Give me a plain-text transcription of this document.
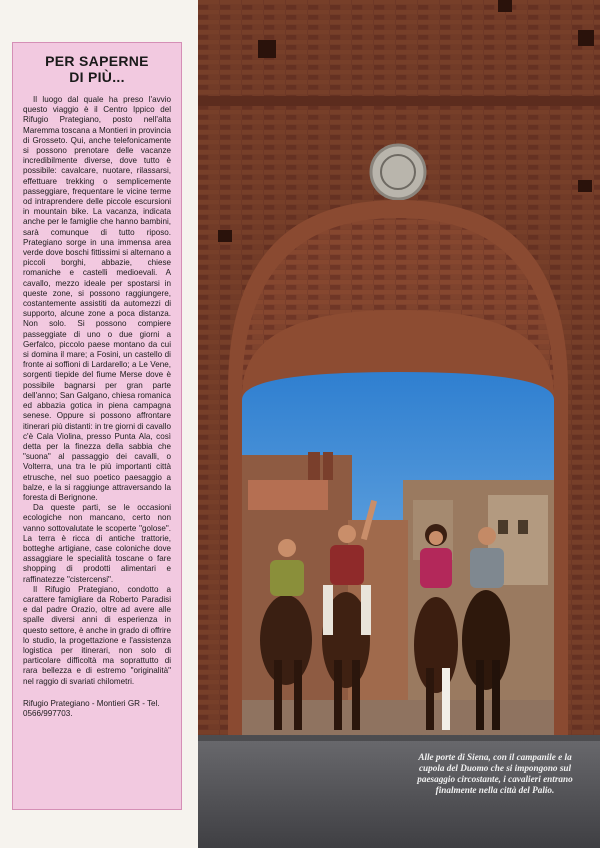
PER SAPERNE
DI PIÙ...

Il luogo dal quale ha preso l'avvio questo viaggio è il Centro Ippico del Rifugio Prategiano, posto nell'alta Maremma toscana a Montieri in provincia di Grosseto. Qui, anche telefonicamente si possono prenotare delle vacanze incredibilmente diverse, dove tutto è possibile: cavalcare, nuotare, rilassarsi, effettuare trekking o semplicemente passeggiare, frequentare le vicine terme od intraprendere delle piccole escursioni in mountain bike. La vacanza, indicata anche per le famiglie che hanno bambini, sarà comunque di tutto riposo. Prategiano sorge in una immensa area verde dove boschi fittissimi si alternano a piccoli borghi, abbazie, chiese romaniche e castelli medioevali. A cavallo, mezzo ideale per spostarsi in queste zone, si possono raggiungere, costantemente assistiti da automezzi di supporto, alcune zone a poca distanza. Non solo. Si possono compiere passeggiate di uno o due giorni a Gerfalco, piccolo paese montano da cui si domina il mare; a Fosini, un castello di fronte ai soffioni di Lardarello; a Le Vene, sorgenti tiepide del fiume Merse dove è possibile bagnarsi per gran parte dell'anno; San Galgano, chiesa romanica ed abbazia gotica in piena campagna senese. Oppure si possono affrontare itinerari più distanti: in tre giorni di cavallo c'è Cala Violina, presso Punta Ala, così detta per la finezza della sabbia che "suona" al passaggio dei cavalli, o Volterra, una tra le più importanti città etrusche, nel suo poetico paesaggio a balze, e la si raggiunge attraversando la foresta di Berignone.

Da queste parti, se le occasioni ecologiche non mancano, certo non vanno sottovalutate le scoperte "golose". La terra è ricca di antiche trattorie, botteghe artigiane, case coloniche dove assaggiare le specialità toscane o fare shopping di prodotti alimentari e raffinatezze "cistercensi".

Il Rifugio Prategiano, condotto a carattere famigliare da Roberto Paradisi e dal padre Orazio, oltre ad avere alle spalle diversi anni di esperienza in questo settore, è anche in grado di offrire lo studio, la progettazione e l'assistenza logistica per itinerari, non solo di particolare difficoltà ma soprattutto di rara bellezza e di estremo "originalità" nel raggio di svariati chilometri.

Rifugio Prategiano - Montieri GR - Tel. 0566/997703.

Alle porte di Siena, con il campanile e la cupola del Duomo che si impongono sul paesaggio circostante, i cavalieri entrano finalmente nella città del Palio.
